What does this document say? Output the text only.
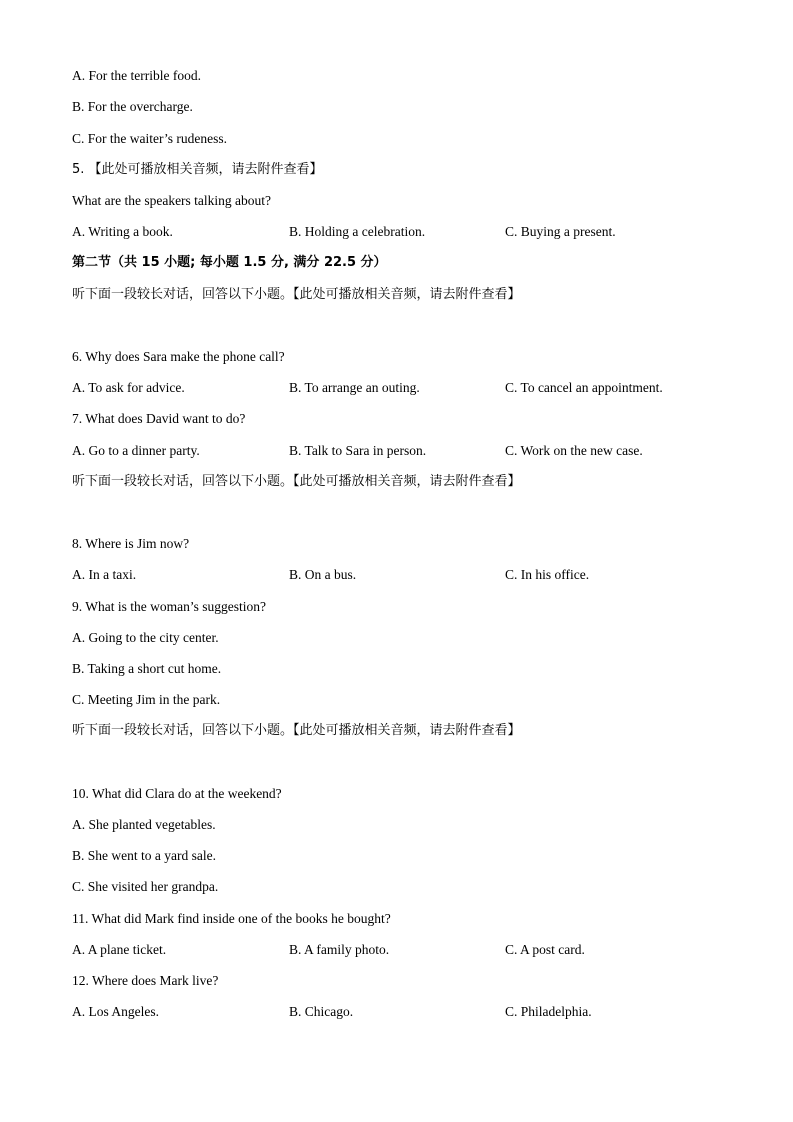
A. For the terrible food.
B. For the overcharge.
C. For the waiter’s rudeness.
5. 【此处可播放相关音频，请去附件查看】
What are the speakers talking about?
A. Writing a book.	B. Holding a celebration.	C. Buying a present.
第二节（共 15 小题; 每小题 1.5 分, 满分 22.5 分）
听下面一段较长对话，回答以下小题。【此处可播放相关音频，请去附件查看】
6. Why does Sara make the phone call?
A. To ask for advice.	B. To arrange an outing.	C. To cancel an appointment.
7. What does David want to do?
A. Go to a dinner party.	B. Talk to Sara in person.	C. Work on the new case.
听下面一段较长对话，回答以下小题。【此处可播放相关音频，请去附件查看】
8. Where is Jim now?
A. In a taxi.	B. On a bus.	C. In his office.
9. What is the woman’s suggestion?
A. Going to the city center.
B. Taking a short cut home.
C. Meeting Jim in the park.
听下面一段较长对话，回答以下小题。【此处可播放相关音频，请去附件查看】
10. What did Clara do at the weekend?
A. She planted vegetables.
B. She went to a yard sale.
C. She visited her grandpa.
11. What did Mark find inside one of the books he bought?
A. A plane ticket.	B. A family photo.	C. A post card.
12. Where does Mark live?
A. Los Angeles.	B. Chicago.	C. Philadelphia.
